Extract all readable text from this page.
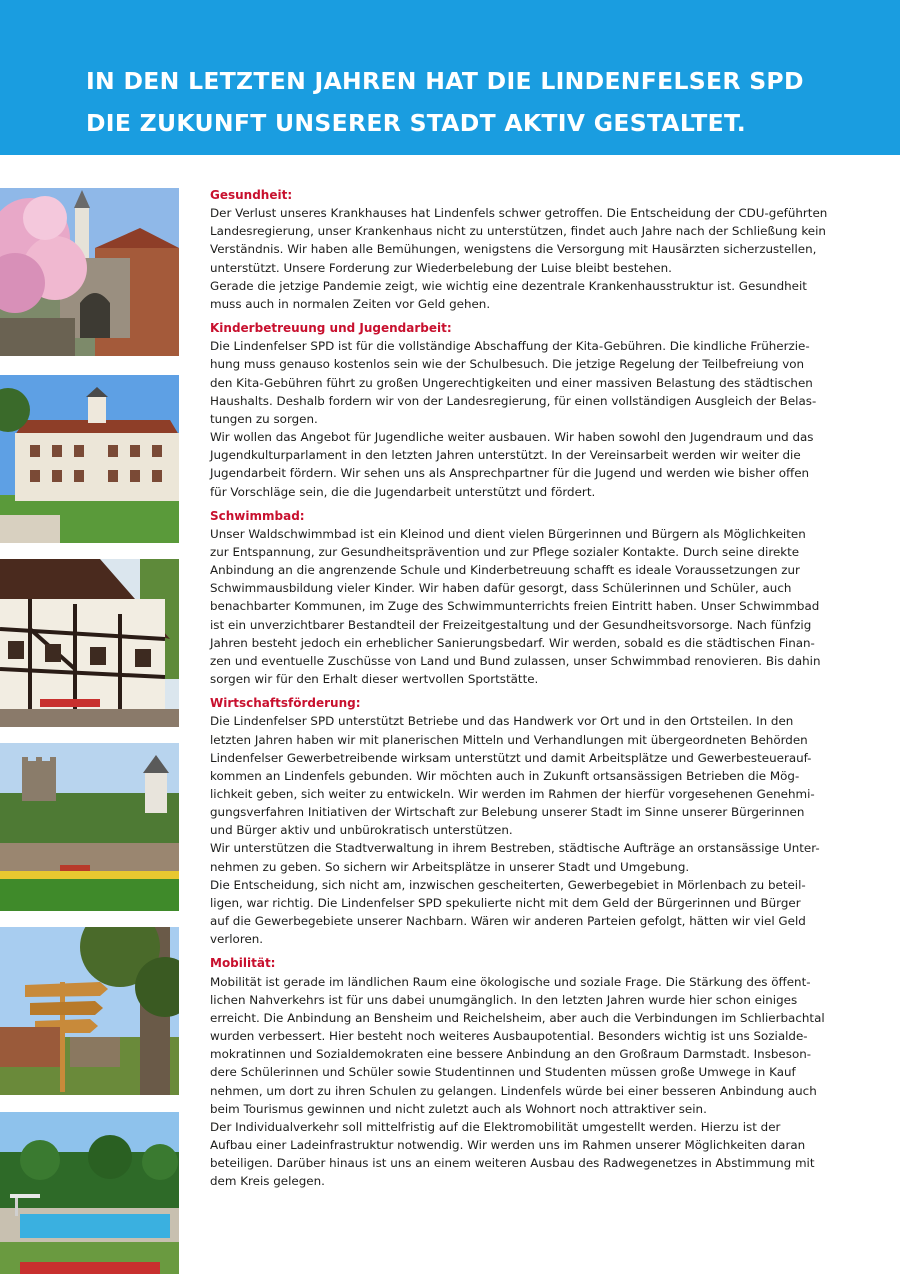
IN DEN LETZTEN JAHREN HAT DIE LINDENFELSER SPD
DIE ZUKUNFT UNSERER STADT AKTIV GESTALTET.
Gesundheit:

Der Verlust unseres Krankhauses hat Lindenfels schwer getroffen. Die Entscheidung der CDU-geführten
Landesregierung, unser Krankenhaus nicht zu unterstützen, findet auch Jahre nach der Schließung kein
Verständnis. Wir haben alle Bemühungen, wenigstens die Versorgung mit Hausärzten sicherzustellen,
unterstützt. Unsere Forderung zur Wiederbelebung der Luise bleibt bestehen.
Gerade die jetzige Pandemie zeigt, wie wichtig eine dezentrale Krankenhausstruktur ist. Gesundheit
muss auch in normalen Zeiten vor Geld gehen.

Kinderbetreuung und Jugendarbeit:

Die Lindenfelser SPD ist für die vollständige Abschaffung der Kita-Gebühren. Die kindliche Früherzie-
hung muss genauso kostenlos sein wie der Schulbesuch. Die jetzige Regelung der Teilbefreiung von
den Kita-Gebühren führt zu großen Ungerechtigkeiten und einer massiven Belastung des städtischen
Haushalts. Deshalb fordern wir von der Landesregierung, für einen vollständigen Ausgleich der Belas-
tungen zu sorgen.
Wir wollen das Angebot für Jugendliche weiter ausbauen. Wir haben sowohl den Jugendraum und das
Jugendkulturparlament in den letzten Jahren unterstützt. In der Vereinsarbeit werden wir weiter die
Jugendarbeit fördern. Wir sehen uns als Ansprechpartner für die Jugend und werden wie bisher offen
für Vorschläge sein, die die Jugendarbeit unterstützt und fördert.

Schwimmbad:

Unser Waldschwimmbad ist ein Kleinod und dient vielen Bürgerinnen und Bürgern als Möglichkeiten
zur Entspannung, zur Gesundheitsprävention und zur Pflege sozialer Kontakte. Durch seine direkte
Anbindung an die angrenzende Schule und Kinderbetreuung schafft es ideale Voraussetzungen zur
Schwimmausbildung vieler Kinder. Wir haben dafür gesorgt, dass Schülerinnen und Schüler, auch
benachbarter Kommunen, im Zuge des Schwimmunterrichts freien Eintritt haben. Unser Schwimmbad
ist ein unverzichtbarer Bestandteil der Freizeitgestaltung und der Gesundheitsvorsorge. Nach fünfzig
Jahren besteht jedoch ein erheblicher Sanierungsbedarf. Wir werden, sobald es die städtischen Finan-
zen und eventuelle Zuschüsse von Land und Bund zulassen, unser Schwimmbad renovieren. Bis dahin
sorgen wir für den Erhalt dieser wertvollen Sportstätte.

Wirtschaftsförderung:

Die Lindenfelser SPD unterstützt Betriebe und das Handwerk vor Ort und in den Ortsteilen. In den
letzten Jahren haben wir mit planerischen Mitteln und Verhandlungen mit übergeordneten Behörden
Lindenfelser Gewerbetreibende wirksam unterstützt und damit Arbeitsplätze und Gewerbesteuerauf-
kommen an Lindenfels gebunden. Wir möchten auch in Zukunft ortsansässigen Betrieben die Mög-
lichkeit geben, sich weiter zu entwickeln. Wir werden im Rahmen der hierfür vorgesehenen Genehmi-
gungsverfahren Initiativen der Wirtschaft zur Belebung unserer Stadt im Sinne unserer Bürgerinnen
und Bürger aktiv und unbürokratisch unterstützen.
Wir unterstützen die Stadtverwaltung in ihrem Bestreben, städtische Aufträge an orstansässige Unter-
nehmen zu geben. So sichern wir Arbeitsplätze in unserer Stadt und Umgebung.
Die Entscheidung, sich nicht am, inzwischen gescheiterten, Gewerbegebiet in Mörlenbach zu beteil-
ligen, war richtig. Die Lindenfelser SPD spekulierte nicht mit dem Geld der Bürgerinnen und Bürger
auf die Gewerbegebiete unserer Nachbarn. Wären wir anderen Parteien gefolgt, hätten wir viel Geld
verloren.

Mobilität:

Mobilität ist gerade im ländlichen Raum eine ökologische und soziale Frage. Die Stärkung des öffent-
lichen Nahverkehrs ist für uns dabei unumgänglich. In den letzten Jahren wurde hier schon einiges
erreicht. Die Anbindung an Bensheim und Reichelsheim, aber auch die Verbindungen im Schlierbachtal
wurden verbessert. Hier besteht noch weiteres Ausbaupotential. Besonders wichtig ist uns Sozialde-
mokratinnen und Sozialdemokraten eine bessere Anbindung an den Großraum Darmstadt. Insbeson-
dere Schülerinnen und Schüler sowie Studentinnen und Studenten müssen große Umwege in Kauf
nehmen, um dort zu ihren Schulen zu gelangen. Lindenfels würde bei einer besseren Anbindung auch
beim Tourismus gewinnen und nicht zuletzt auch als Wohnort noch attraktiver sein.
Der Individualverkehr soll mittelfristig auf die Elektromobilität umgestellt werden. Hierzu ist der
Aufbau einer Ladeinfrastruktur notwendig. Wir werden uns im Rahmen unserer Möglichkeiten daran
beteiligen. Darüber hinaus ist uns an einem weiteren Ausbau des Radwegenetzes in Abstimmung mit
dem Kreis gelegen.
